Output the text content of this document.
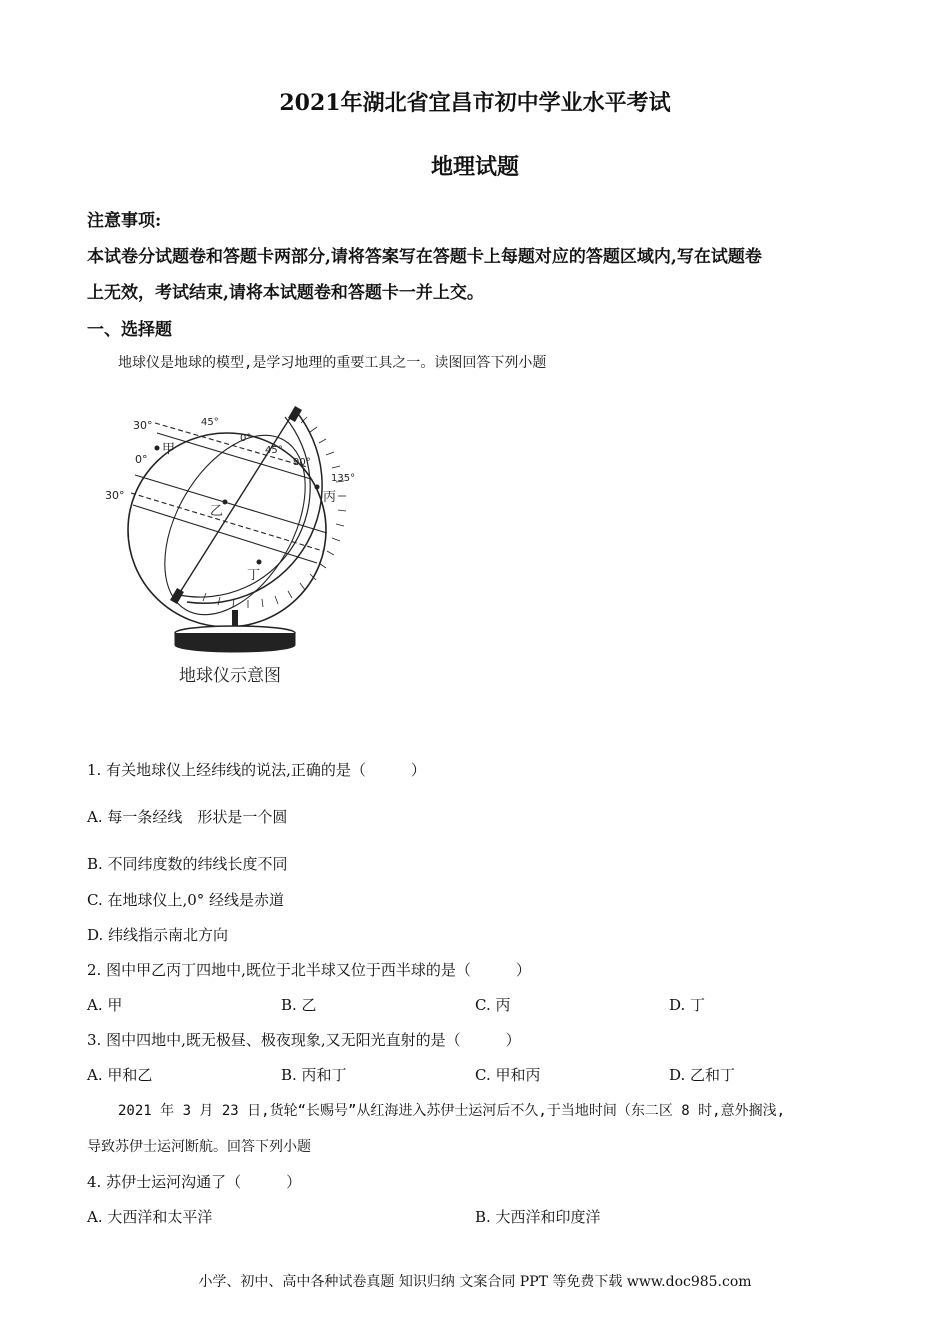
2021年湖北省宜昌市初中学业水平考试
地理试题
注意事项:
本试卷分试题卷和答题卡两部分,请将答案写在答题卡上每题对应的答题区域内,写在试题卷
上无效，考试结束,请将本试题卷和答题卡一并上交。
一、选择题
地球仪是地球的模型,是学习地理的重要工具之一。读图回答下列小题
30°	45°
0°
45°
90°
135°
0°
30°
甲
乙
丙
丁
地球仪示意图
1. 有关地球仪上经纬线的说法,正确的是（　　　）
A. 每一条经线　形状是一个圆
B. 不同纬度数的纬线长度不同
C. 在地球仪上,0° 经线是赤道
D. 纬线指示南北方向
2. 图中甲乙丙丁四地中,既位于北半球又位于西半球的是（　　　）
A. 甲	B. 乙	C. 丙	D. 丁
3. 图中四地中,既无极昼、极夜现象,又无阳光直射的是（　　　）
A. 甲和乙	B. 丙和丁	C. 甲和丙	D. 乙和丁
2021 年 3 月 23 日,货轮“长赐号”从红海进入苏伊士运河后不久,于当地时间（东二区 8 时,意外搁浅,
导致苏伊士运河断航。回答下列小题
4. 苏伊士运河沟通了（　　　）
A. 大西洋和太平洋	B. 大西洋和印度洋
小学、初中、高中各种试卷真题 知识归纳 文案合同 PPT 等免费下载 www.doc985.com
